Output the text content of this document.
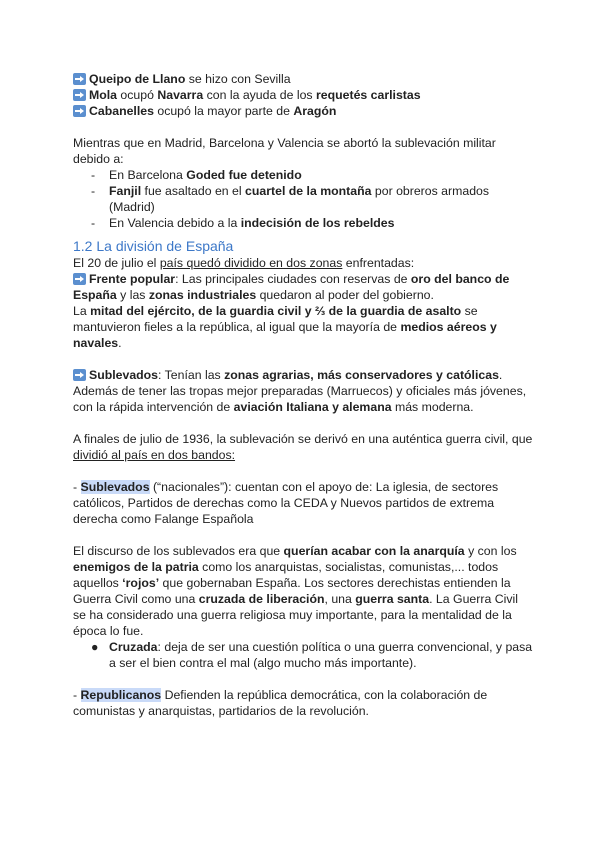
Queipo de Llano se hizo con Sevilla

Mola ocupó Navarra con la ayuda de los requetés carlistas

Cabanelles ocupó la mayor parte de Aragón

Mientras que en Madrid, Barcelona y Valencia se abortó la sublevación militar debido a:

-	En Barcelona Goded fue detenido
-	Fanjil fue asaltado en el cuartel de la montaña por obreros armados (Madrid)
-	En Valencia debido a la indecisión de los rebeldes
1.2 La división de España

El 20 de julio el país quedó dividido en dos zonas enfrentadas:

Frente popular: Las principales ciudades con reservas de oro del banco de España y las zonas industriales quedaron al poder del gobierno.

La mitad del ejército, de la guardia civil y ⅔ de la guardia de asalto se mantuvieron fieles a la república, al igual que la mayoría de medios aéreos y navales.

Sublevados: Tenían las zonas agrarias, más conservadores y católicas. Además de tener las tropas mejor preparadas (Marruecos) y oficiales más jóvenes, con la rápida intervención de aviación Italiana y alemana más moderna.

A finales de julio de 1936, la sublevación se derivó en una auténtica guerra civil, que dividió al país en dos bandos:

- Sublevados (“nacionales”): cuentan con el apoyo de: La iglesia, de sectores católicos, Partidos de derechas como la CEDA y Nuevos partidos de extrema derecha como Falange Española

El discurso de los sublevados era que querían acabar con la anarquía y con los enemigos de la patria como los anarquistas, socialistas, comunistas,... todos aquellos ‘rojos’ que gobernaban España. Los sectores derechistas entienden la Guerra Civil como una cruzada de liberación, una guerra santa. La Guerra Civil se ha considerado una guerra religiosa muy importante, para la mentalidad de la época lo fue.

● Cruzada: deja de ser una cuestión política o una guerra convencional, y pasa a ser el bien contra el mal (algo mucho más importante).

- Republicanos Defienden la república democrática, con la colaboración de comunistas y anarquistas, partidarios de la revolución.
